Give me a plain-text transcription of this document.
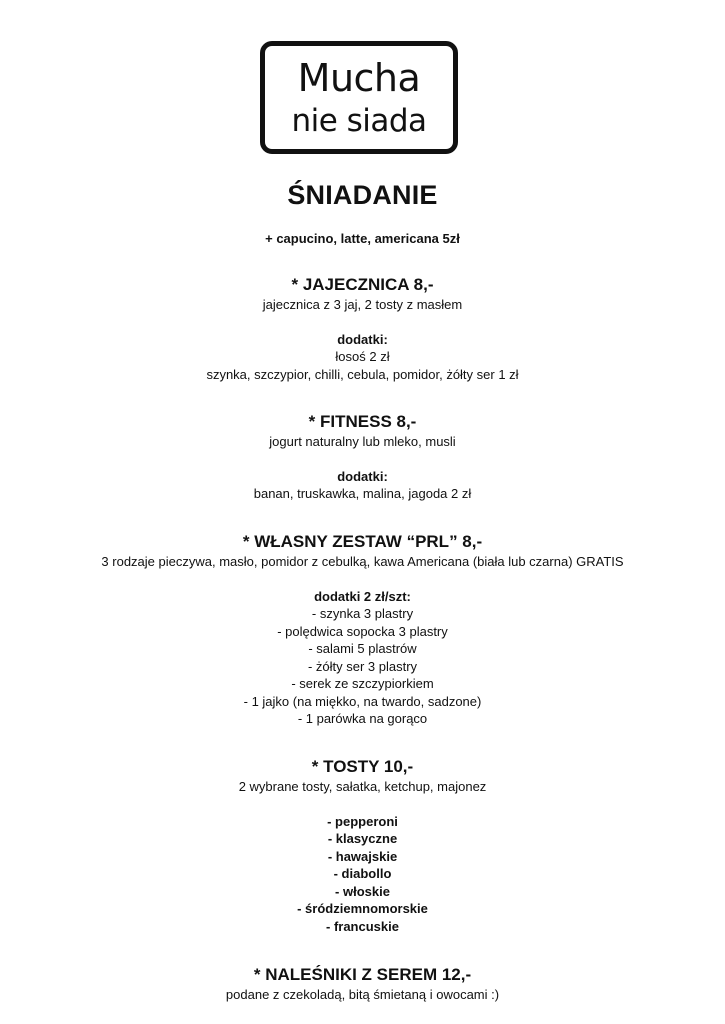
Mucha
nie siada
ŚNIADANIE
+ capucino, latte, americana 5zł
* JAJECZNICA 8,-
jajecznica z 3 jaj, 2 tosty z masłem
dodatki:
łosoś 2 zł
szynka, szczypior, chilli, cebula, pomidor, żółty ser 1 zł
* FITNESS 8,-
jogurt naturalny lub mleko, musli
dodatki:
banan, truskawka, malina, jagoda 2 zł
* WŁASNY ZESTAW “PRL” 8,-
3 rodzaje pieczywa, masło, pomidor z cebulką, kawa Americana (biała lub czarna) GRATIS
dodatki 2 zł/szt:
- szynka 3 plastry
- polędwica sopocka 3 plastry
- salami 5 plastrów
- żółty ser 3 plastry
- serek ze szczypiorkiem
- 1 jajko (na miękko, na twardo, sadzone)
- 1 parówka na gorąco
* TOSTY 10,-
2 wybrane tosty, sałatka, ketchup, majonez
- pepperoni
- klasyczne
- hawajskie
- diabollo
- włoskie
- śródziemnomorskie
- francuskie
* NALEŚNIKI Z SEREM 12,-
podane z czekoladą, bitą śmietaną i owocami :)
